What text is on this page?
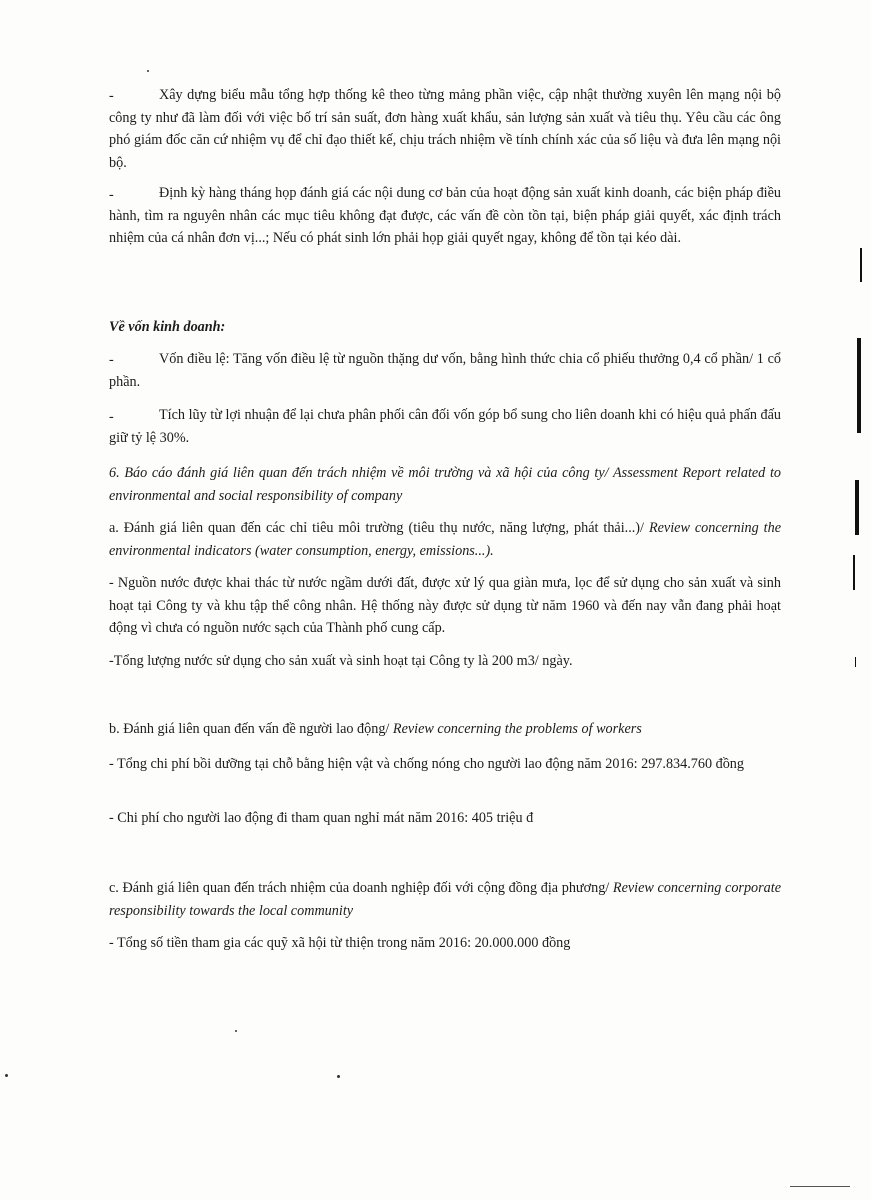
-	Xây dựng biểu mẫu tổng hợp thống kê theo từng mảng phần việc, cập nhật thường xuyên lên mạng nội bộ công ty như đã làm đối với việc bố trí sản suất, đơn hàng xuất khẩu, sản lượng sản xuất và tiêu thụ. Yêu cầu các ông phó giám đốc căn cứ nhiệm vụ để chỉ đạo thiết kế, chịu trách nhiệm về tính chính xác của số liệu và đưa lên mạng nội bộ.

-	Định kỳ hàng tháng họp đánh giá các nội dung cơ bản của hoạt động sản xuất kinh doanh, các biện pháp điều hành, tìm ra nguyên nhân các mục tiêu không đạt được, các vấn đề còn tồn tại, biện pháp giải quyết, xác định trách nhiệm của cá nhân đơn vị...; Nếu có phát sinh lớn phải họp giải quyết ngay, không để tồn tại kéo dài.

Về vốn kinh doanh:

-	Vốn điều lệ: Tăng vốn điều lệ từ nguồn thặng dư vốn, bằng hình thức chia cổ phiếu thưởng 0,4 cổ phần/ 1 cổ phần.

-	Tích lũy từ lợi nhuận để lại chưa phân phối cân đối vốn góp bổ sung cho liên doanh khi có hiệu quả phấn đấu giữ tỷ lệ 30%.

6. Báo cáo đánh giá liên quan đến trách nhiệm về môi trường và xã hội của công ty/ Assessment Report related to environmental and social responsibility of company

a. Đánh giá liên quan đến các chỉ tiêu môi trường (tiêu thụ nước, năng lượng, phát thải...)/ Review concerning the environmental indicators (water consumption, energy, emissions...).

- Nguồn nước được khai thác từ nước ngầm dưới đất, được xử lý qua giàn mưa, lọc để sử dụng cho sản xuất và sinh hoạt tại Công ty và khu tập thể công nhân. Hệ thống này được sử dụng từ năm 1960 và đến nay vẫn đang phải hoạt động vì chưa có nguồn nước sạch của Thành phố cung cấp.

-Tổng lượng nước sử dụng cho sản xuất và sinh hoạt tại Công ty là 200 m3/ ngày.

b. Đánh giá liên quan đến vấn đề người lao động/ Review concerning the problems of workers

- Tổng chi phí bồi dưỡng tại chỗ bằng hiện vật và chống nóng cho người lao động năm 2016: 297.834.760 đồng

- Chi phí cho người lao động đi tham quan nghỉ mát năm 2016: 405 triệu đ

c. Đánh giá liên quan đến trách nhiệm của doanh nghiệp đối với cộng đồng địa phương/ Review concerning corporate responsibility towards the local community

- Tổng số tiền tham gia các quỹ xã hội từ thiện trong năm 2016: 20.000.000 đồng
